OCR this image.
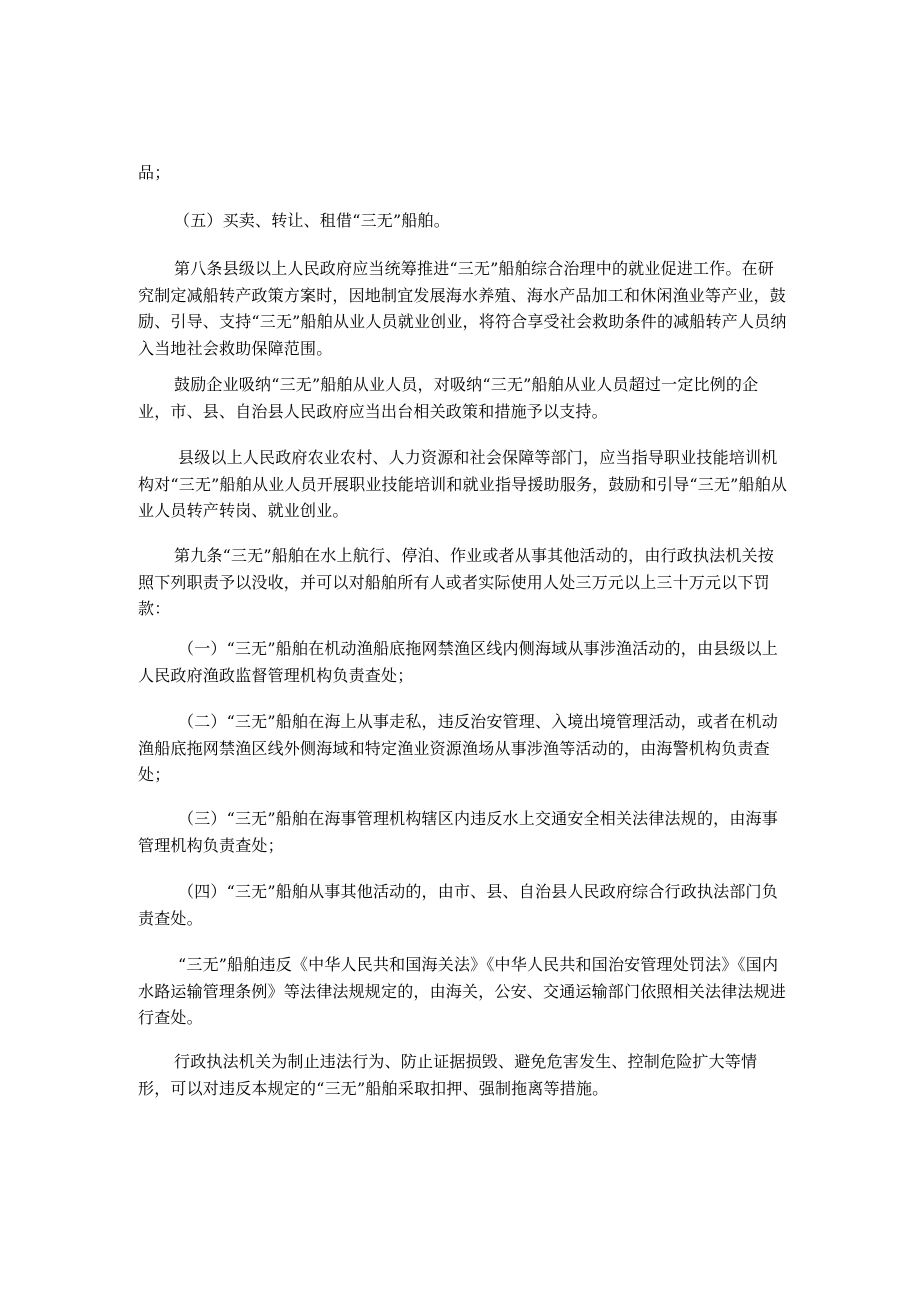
品；

（五）买卖、转让、租借“三无”船舶。

第八条县级以上人民政府应当统筹推进“三无”船舶综合治理中的就业促进工作。在研究制定减船转产政策方案时，因地制宜发展海水养殖、海水产品加工和休闲渔业等产业，鼓励、引导、支持“三无”船舶从业人员就业创业，将符合享受社会救助条件的减船转产人员纳入当地社会救助保障范围。

鼓励企业吸纳“三无”船舶从业人员，对吸纳“三无”船舶从业人员超过一定比例的企业，市、县、自治县人民政府应当出台相关政策和措施予以支持。

县级以上人民政府农业农村、人力资源和社会保障等部门，应当指导职业技能培训机构对“三无”船舶从业人员开展职业技能培训和就业指导援助服务，鼓励和引导“三无”船舶从业人员转产转岗、就业创业。

第九条“三无”船舶在水上航行、停泊、作业或者从事其他活动的，由行政执法机关按照下列职责予以没收，并可以对船舶所有人或者实际使用人处三万元以上三十万元以下罚款：

（一）“三无”船舶在机动渔船底拖网禁渔区线内侧海域从事涉渔活动的，由县级以上人民政府渔政监督管理机构负责查处；

（二）“三无”船舶在海上从事走私，违反治安管理、入境出境管理活动，或者在机动渔船底拖网禁渔区线外侧海域和特定渔业资源渔场从事涉渔等活动的，由海警机构负责查处；

（三）“三无”船舶在海事管理机构辖区内违反水上交通安全相关法律法规的，由海事管理机构负责查处；

（四）“三无”船舶从事其他活动的，由市、县、自治县人民政府综合行政执法部门负责查处。

“三无”船舶违反《中华人民共和国海关法》《中华人民共和国治安管理处罚法》《国内水路运输管理条例》等法律法规规定的，由海关，公安、交通运输部门依照相关法律法规进行查处。

行政执法机关为制止违法行为、防止证据损毁、避免危害发生、控制危险扩大等情形，可以对违反本规定的“三无”船舶采取扣押、强制拖离等措施。
